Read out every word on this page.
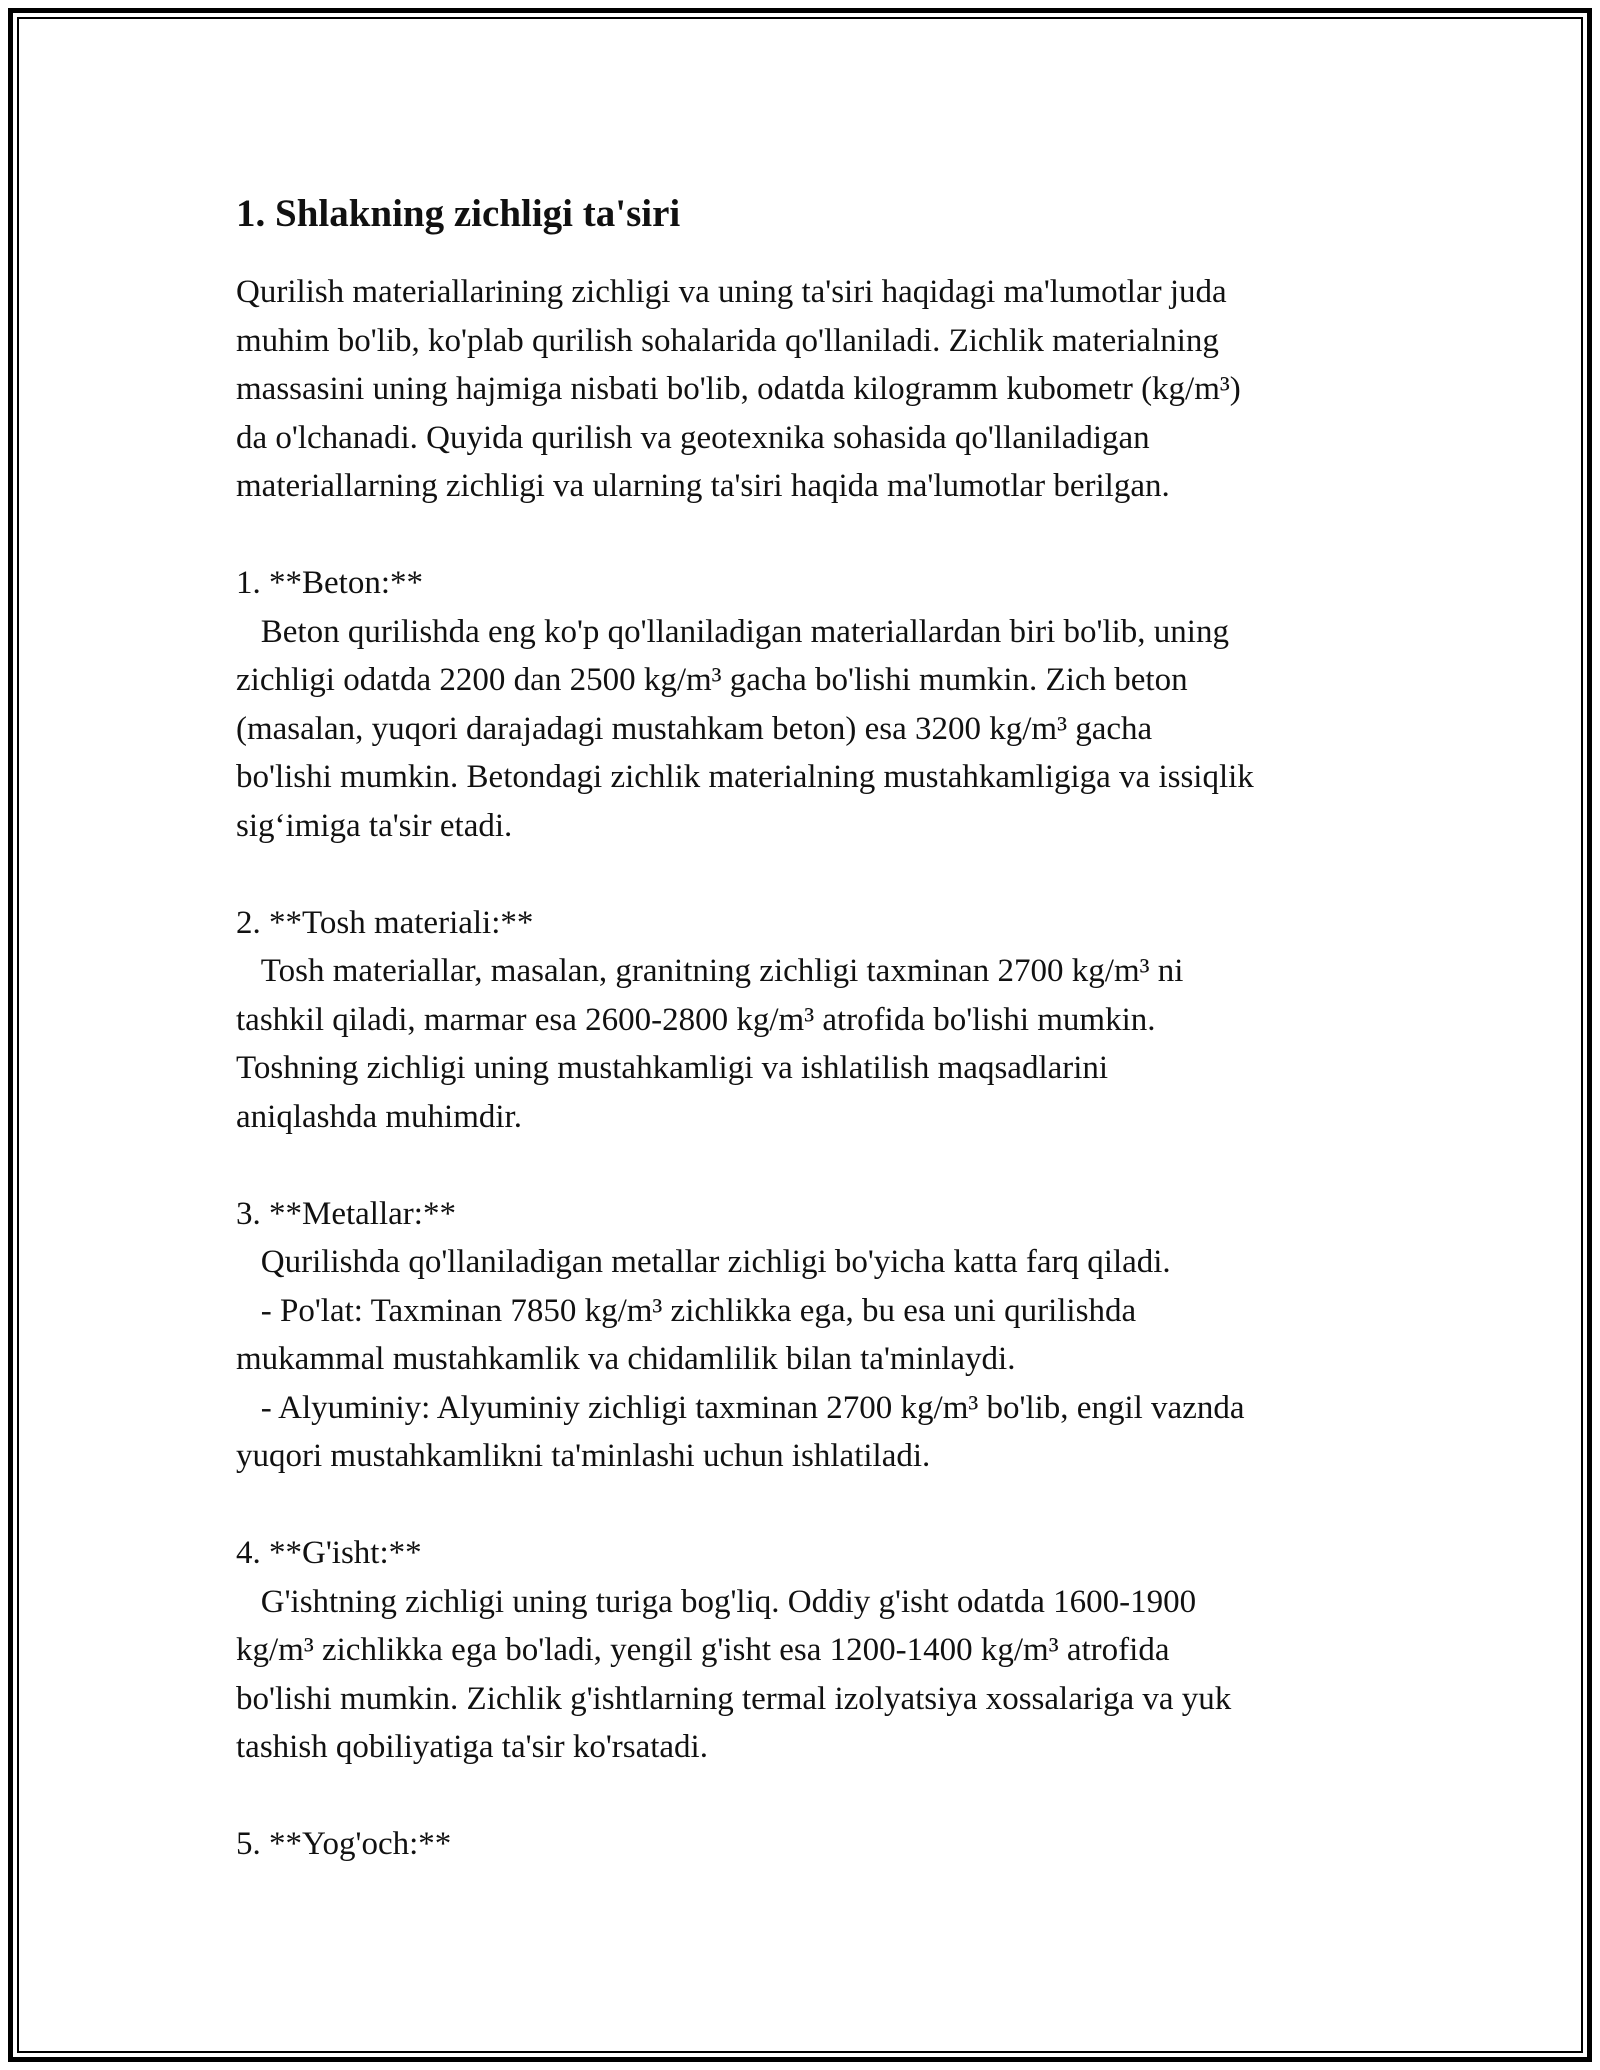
1. Shlakning zichligi ta'siri

Qurilish materiallarining zichligi va uning ta'siri haqidagi ma'lumotlar juda
muhim bo'lib, ko'plab qurilish sohalarida qo'llaniladi. Zichlik materialning
massasini uning hajmiga nisbati bo'lib, odatda kilogramm kubometr (kg/m³)
da o'lchanadi. Quyida qurilish va geotexnika sohasida qo'llaniladigan
materiallarning zichligi va ularning ta'siri haqida ma'lumotlar berilgan.

1. **Beton:**
Beton qurilishda eng ko'p qo'llaniladigan materiallardan biri bo'lib, uning
zichligi odatda 2200 dan 2500 kg/m³ gacha bo'lishi mumkin. Zich beton
(masalan, yuqori darajadagi mustahkam beton) esa 3200 kg/m³ gacha
bo'lishi mumkin. Betondagi zichlik materialning mustahkamligiga va issiqlik
sig‘imiga ta'sir etadi.

2. **Tosh materiali:**
Tosh materiallar, masalan, granitning zichligi taxminan 2700 kg/m³ ni
tashkil qiladi, marmar esa 2600-2800 kg/m³ atrofida bo'lishi mumkin.
Toshning zichligi uning mustahkamligi va ishlatilish maqsadlarini
aniqlashda muhimdir.

3. **Metallar:**
Qurilishda qo'llaniladigan metallar zichligi bo'yicha katta farq qiladi.
- Po'lat: Taxminan 7850 kg/m³ zichlikka ega, bu esa uni qurilishda
mukammal mustahkamlik va chidamlilik bilan ta'minlaydi.
- Alyuminiy: Alyuminiy zichligi taxminan 2700 kg/m³ bo'lib, engil vaznda
yuqori mustahkamlikni ta'minlashi uchun ishlatiladi.

4. **G'isht:**
G'ishtning zichligi uning turiga bog'liq. Oddiy g'isht odatda 1600-1900
kg/m³ zichlikka ega bo'ladi, yengil g'isht esa 1200-1400 kg/m³ atrofida
bo'lishi mumkin. Zichlik g'ishtlarning termal izolyatsiya xossalariga va yuk
tashish qobiliyatiga ta'sir ko'rsatadi.

5. **Yog'och:**
